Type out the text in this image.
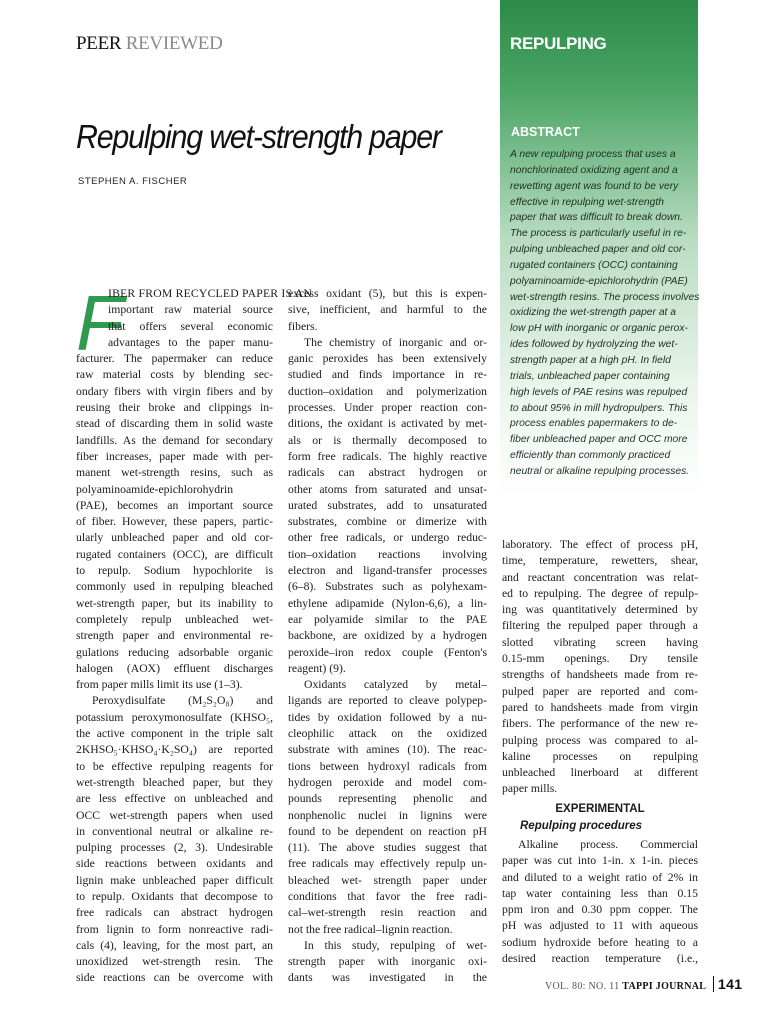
PEER REVIEWED
Repulping wet-strength paper
STEPHEN A. FISCHER
REPULPING
ABSTRACT
A new repulping process that uses a
nonchlorinated oxidizing agent and a
rewetting agent was found to be very
effective in repulping wet-strength
paper that was difficult to break down.
The process is particularly useful in re-
pulping unbleached paper and old cor-
rugated containers (OCC) containing
polyaminoamide-epichlorohydrin (PAE)
wet-strength resins. The process involves
oxidizing the wet-strength paper at a
low pH with inorganic or organic perox-
ides followed by hydrolyzing the wet-
strength paper at a high pH. In field
trials, unbleached paper containing
high levels of PAE resins was repulped
to about 95% in mill hydropulpers. This
process enables papermakers to de-
fiber unbleached paper and OCC more
efficiently than commonly practiced
neutral or alkaline repulping processes.
F
IBER FROM RECYCLED PAPER IS AN
important raw material source
that offers several economic
advantages to the paper manu-
facturer. The papermaker can reduce
raw material costs by blending sec-
ondary fibers with virgin fibers and by
reusing their broke and clippings in-
stead of discarding them in solid waste
landfills. As the demand for secondary
fiber increases, paper made with per-
manent wet-strength resins, such as
polyaminoamide-epichlorohydrin
(PAE), becomes an important source
of fiber. However, these papers, partic-
ularly unbleached paper and old cor-
rugated containers (OCC), are difficult
to repulp. Sodium hypochlorite is
commonly used in repulping bleached
wet-strength paper, but its inability to
completely repulp unbleached wet-
strength paper and environmental re-
gulations reducing adsorbable organic
halogen (AOX) effluent discharges
from paper mills limit its use (1–3).
Peroxydisulfate (M₂S₂O₈) and
potassium peroxymonosulfate (KHSO₅,
the active component in the triple salt
2KHSO₅·KHSO₄·K₂SO₄) are reported
to be effective repulping reagents for
wet-strength bleached paper, but they
are less effective on unbleached and
OCC wet-strength papers when used
in conventional neutral or alkaline re-
pulping processes (2, 3). Undesirable
side reactions between oxidants and
lignin make unbleached paper difficult
to repulp. Oxidants that decompose to
free radicals can abstract hydrogen
from lignin to form nonreactive radi-
cals (4), leaving, for the most part, an
unoxidized wet-strength resin. The
side reactions can be overcome with
excess oxidant (5), but this is expen-
sive, inefficient, and harmful to the
fibers.
The chemistry of inorganic and or-
ganic peroxides has been extensively
studied and finds importance in re-
duction–oxidation and polymerization
processes. Under proper reaction con-
ditions, the oxidant is activated by met-
als or is thermally decomposed to
form free radicals. The highly reactive
radicals can abstract hydrogen or
other atoms from saturated and unsat-
urated substrates, add to unsaturated
substrates, combine or dimerize with
other free radicals, or undergo reduc-
tion–oxidation reactions involving
electron and ligand-transfer processes
(6–8). Substrates such as polyhexam-
ethylene adipamide (Nylon-6,6), a lin-
ear polyamide similar to the PAE
backbone, are oxidized by a hydrogen
peroxide–iron redox couple (Fenton's
reagent) (9).
Oxidants catalyzed by metal–
ligands are reported to cleave polypep-
tides by oxidation followed by a nu-
cleophilic attack on the oxidized
substrate with amines (10). The reac-
tions between hydroxyl radicals from
hydrogen peroxide and model com-
pounds representing phenolic and
nonphenolic nuclei in lignins were
found to be dependent on reaction pH
(11). The above studies suggest that
free radicals may effectively repulp un-
bleached wet- strength paper under
conditions that favor the free radi-
cal–wet-strength resin reaction and
not the free radical–lignin reaction.
In this study, repulping of wet-
strength paper with inorganic oxi-
dants was investigated in the
laboratory. The effect of process pH,
time, temperature, rewetters, shear,
and reactant concentration was relat-
ed to repulping. The degree of repulp-
ing was quantitatively determined by
filtering the repulped paper through a
slotted vibrating screen having
0.15-mm openings. Dry tensile
strengths of handsheets made from re-
pulped paper are reported and com-
pared to handsheets made from virgin
fibers. The performance of the new re-
pulping process was compared to al-
kaline processes on repulping
unbleached linerboard at different
paper mills.
EXPERIMENTAL
Repulping procedures
Alkaline process. Commercial
paper was cut into 1-in. x 1-in. pieces
and diluted to a weight ratio of 2% in
tap water containing less than 0.15
ppm iron and 0.30 ppm copper. The
pH was adjusted to 11 with aqueous
sodium hydroxide before heating to a
desired reaction temperature (i.e.,
VOL. 80: NO. 11 TAPPI JOURNAL 141
